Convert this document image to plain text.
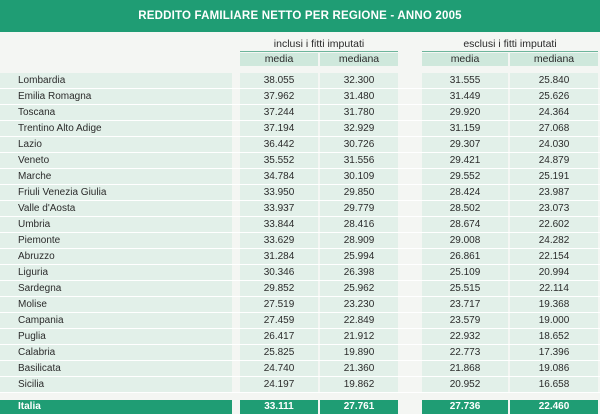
REDDITO FAMILIARE NETTO PER REGIONE - ANNO 2005
inclusi i fitti imputati	esclusi i fitti imputati
media	mediana	media	mediana
Lombardia	38.055	32.300	31.555	25.840
Emilia Romagna	37.962	31.480	31.449	25.626
Toscana	37.244	31.780	29.920	24.364
Trentino Alto Adige	37.194	32.929	31.159	27.068
Lazio	36.442	30.726	29.307	24.030
Veneto	35.552	31.556	29.421	24.879
Marche	34.784	30.109	29.552	25.191
Friuli Venezia Giulia	33.950	29.850	28.424	23.987
Valle d'Aosta	33.937	29.779	28.502	23.073
Umbria	33.844	28.416	28.674	22.602
Piemonte	33.629	28.909	29.008	24.282
Abruzzo	31.284	25.994	26.861	22.154
Liguria	30.346	26.398	25.109	20.994
Sardegna	29.852	25.962	25.515	22.114
Molise	27.519	23.230	23.717	19.368
Campania	27.459	22.849	23.579	19.000
Puglia	26.417	21.912	22.932	18.652
Calabria	25.825	19.890	22.773	17.396
Basilicata	24.740	21.360	21.868	19.086
Sicilia	24.197	19.862	20.952	16.658
Italia	33.111	27.761	27.736	22.460
